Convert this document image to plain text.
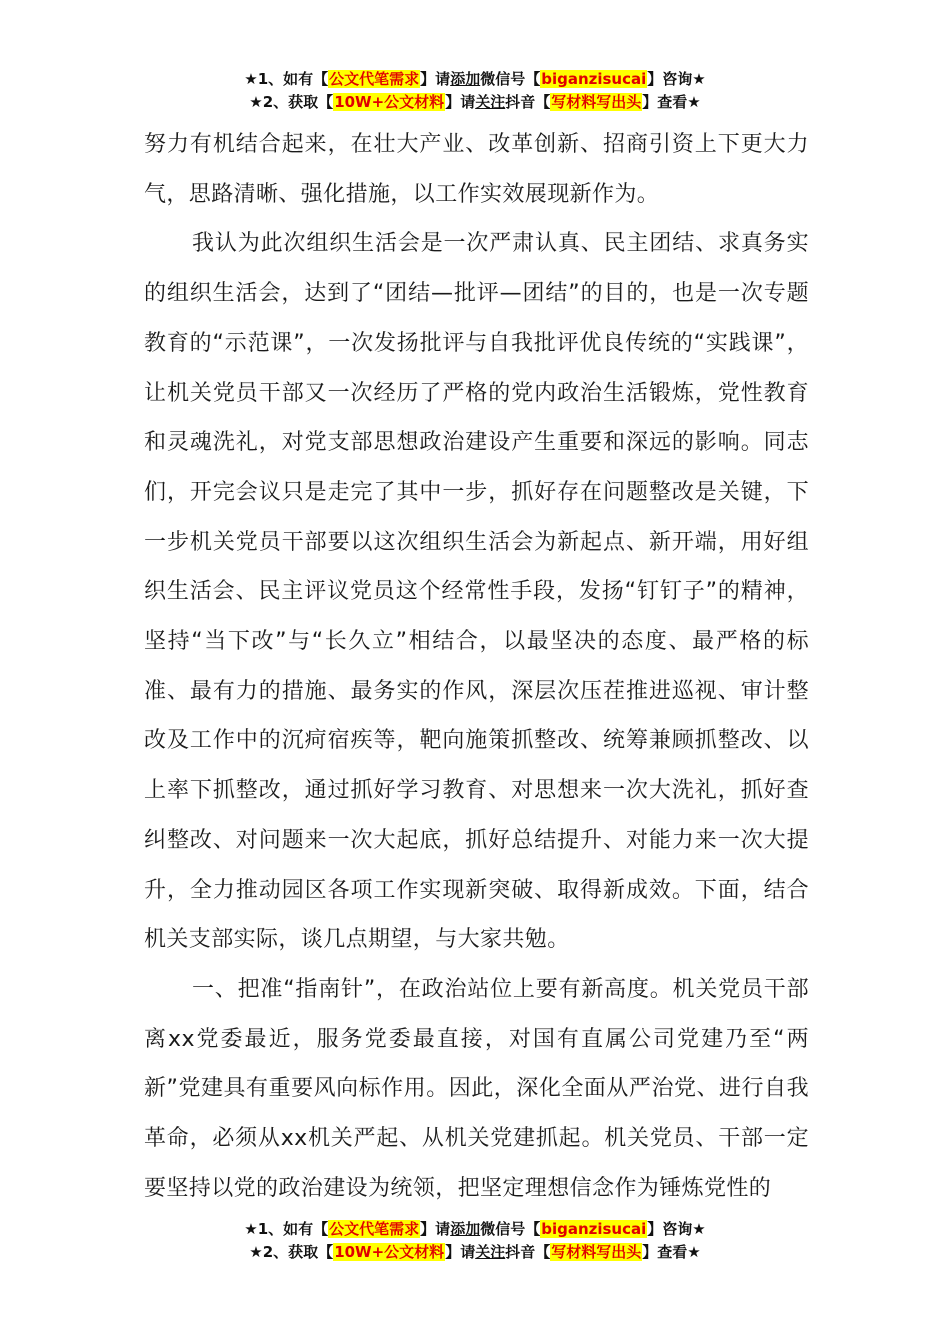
★1、如有【公文代笔需求】请添加微信号【biganzisucai】咨询★
★2、获取【10W+公文材料】请关注抖音【写材料写出头】查看★

努力有机结合起来，在壮大产业、改革创新、招商引资上下更大力气，思路清晰、强化措施，以工作实效展现新作为。

我认为此次组织生活会是一次严肃认真、民主团结、求真务实的组织生活会，达到了“团结—批评—团结”的目的，也是一次专题教育的“示范课”，一次发扬批评与自我批评优良传统的“实践课”，让机关党员干部又一次经历了严格的党内政治生活锻炼，党性教育和灵魂洗礼，对党支部思想政治建设产生重要和深远的影响。同志们，开完会议只是走完了其中一步，抓好存在问题整改是关键，下一步机关党员干部要以这次组织生活会为新起点、新开端，用好组织生活会、民主评议党员这个经常性手段，发扬“钉钉子”的精神，坚持“当下改”与“长久立”相结合，以最坚决的态度、最严格的标准、最有力的措施、最务实的作风，深层次压茬推进巡视、审计整改及工作中的沉疴宿疾等，靶向施策抓整改、统筹兼顾抓整改、以上率下抓整改，通过抓好学习教育、对思想来一次大洗礼，抓好查纠整改、对问题来一次大起底，抓好总结提升、对能力来一次大提升，全力推动园区各项工作实现新突破、取得新成效。下面，结合机关支部实际，谈几点期望，与大家共勉。

一、把准“指南针”，在政治站位上要有新高度。机关党员干部离xx党委最近，服务党委最直接，对国有直属公司党建乃至“两新”党建具有重要风向标作用。因此，深化全面从严治党、进行自我革命，必须从xx机关严起、从机关党建抓起。机关党员、干部一定要坚持以党的政治建设为统领，把坚定理想信念作为锤炼党性的

★1、如有【公文代笔需求】请添加微信号【biganzisucai】咨询★
★2、获取【10W+公文材料】请关注抖音【写材料写出头】查看★
